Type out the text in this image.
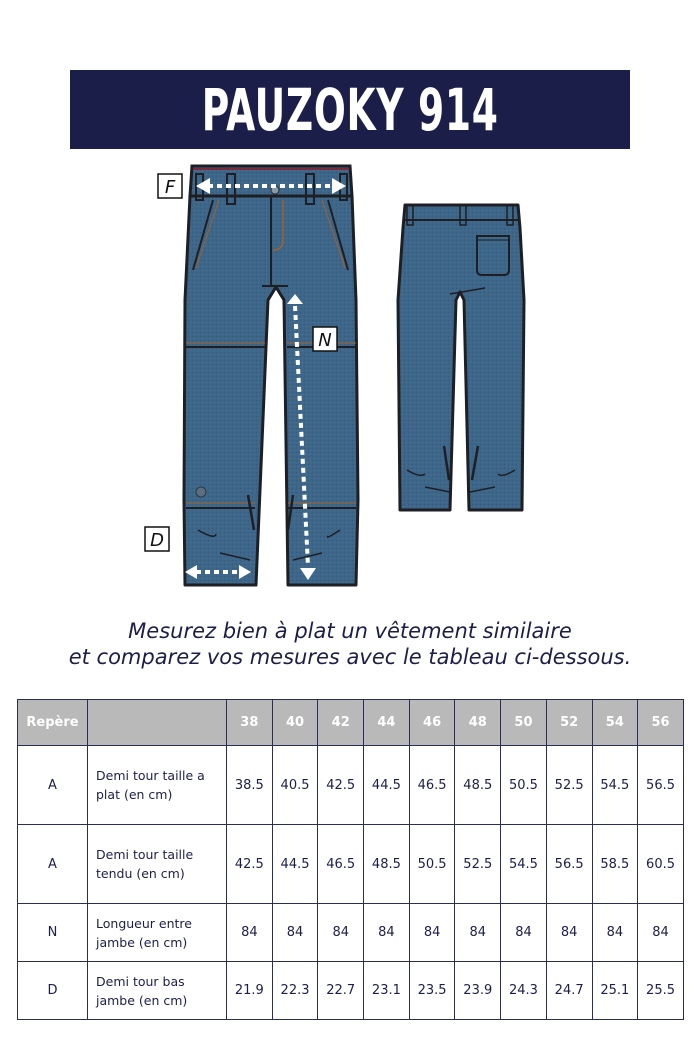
PAUZOKY 914
F
N
D
Mesurez bien à plat un vêtement similaire
et comparez vos mesures avec le tableau ci-dessous.
Repère		38	40	42	44	46	48	50	52	54	56
A	Demi tour taille a plat (en cm)	38.5	40.5	42.5	44.5	46.5	48.5	50.5	52.5	54.5	56.5
A	Demi tour taille tendu (en cm)	42.5	44.5	46.5	48.5	50.5	52.5	54.5	56.5	58.5	60.5
N	Longueur entre jambe (en cm)	84	84	84	84	84	84	84	84	84	84
D	Demi tour bas jambe (en cm)	21.9	22.3	22.7	23.1	23.5	23.9	24.3	24.7	25.1	25.5
